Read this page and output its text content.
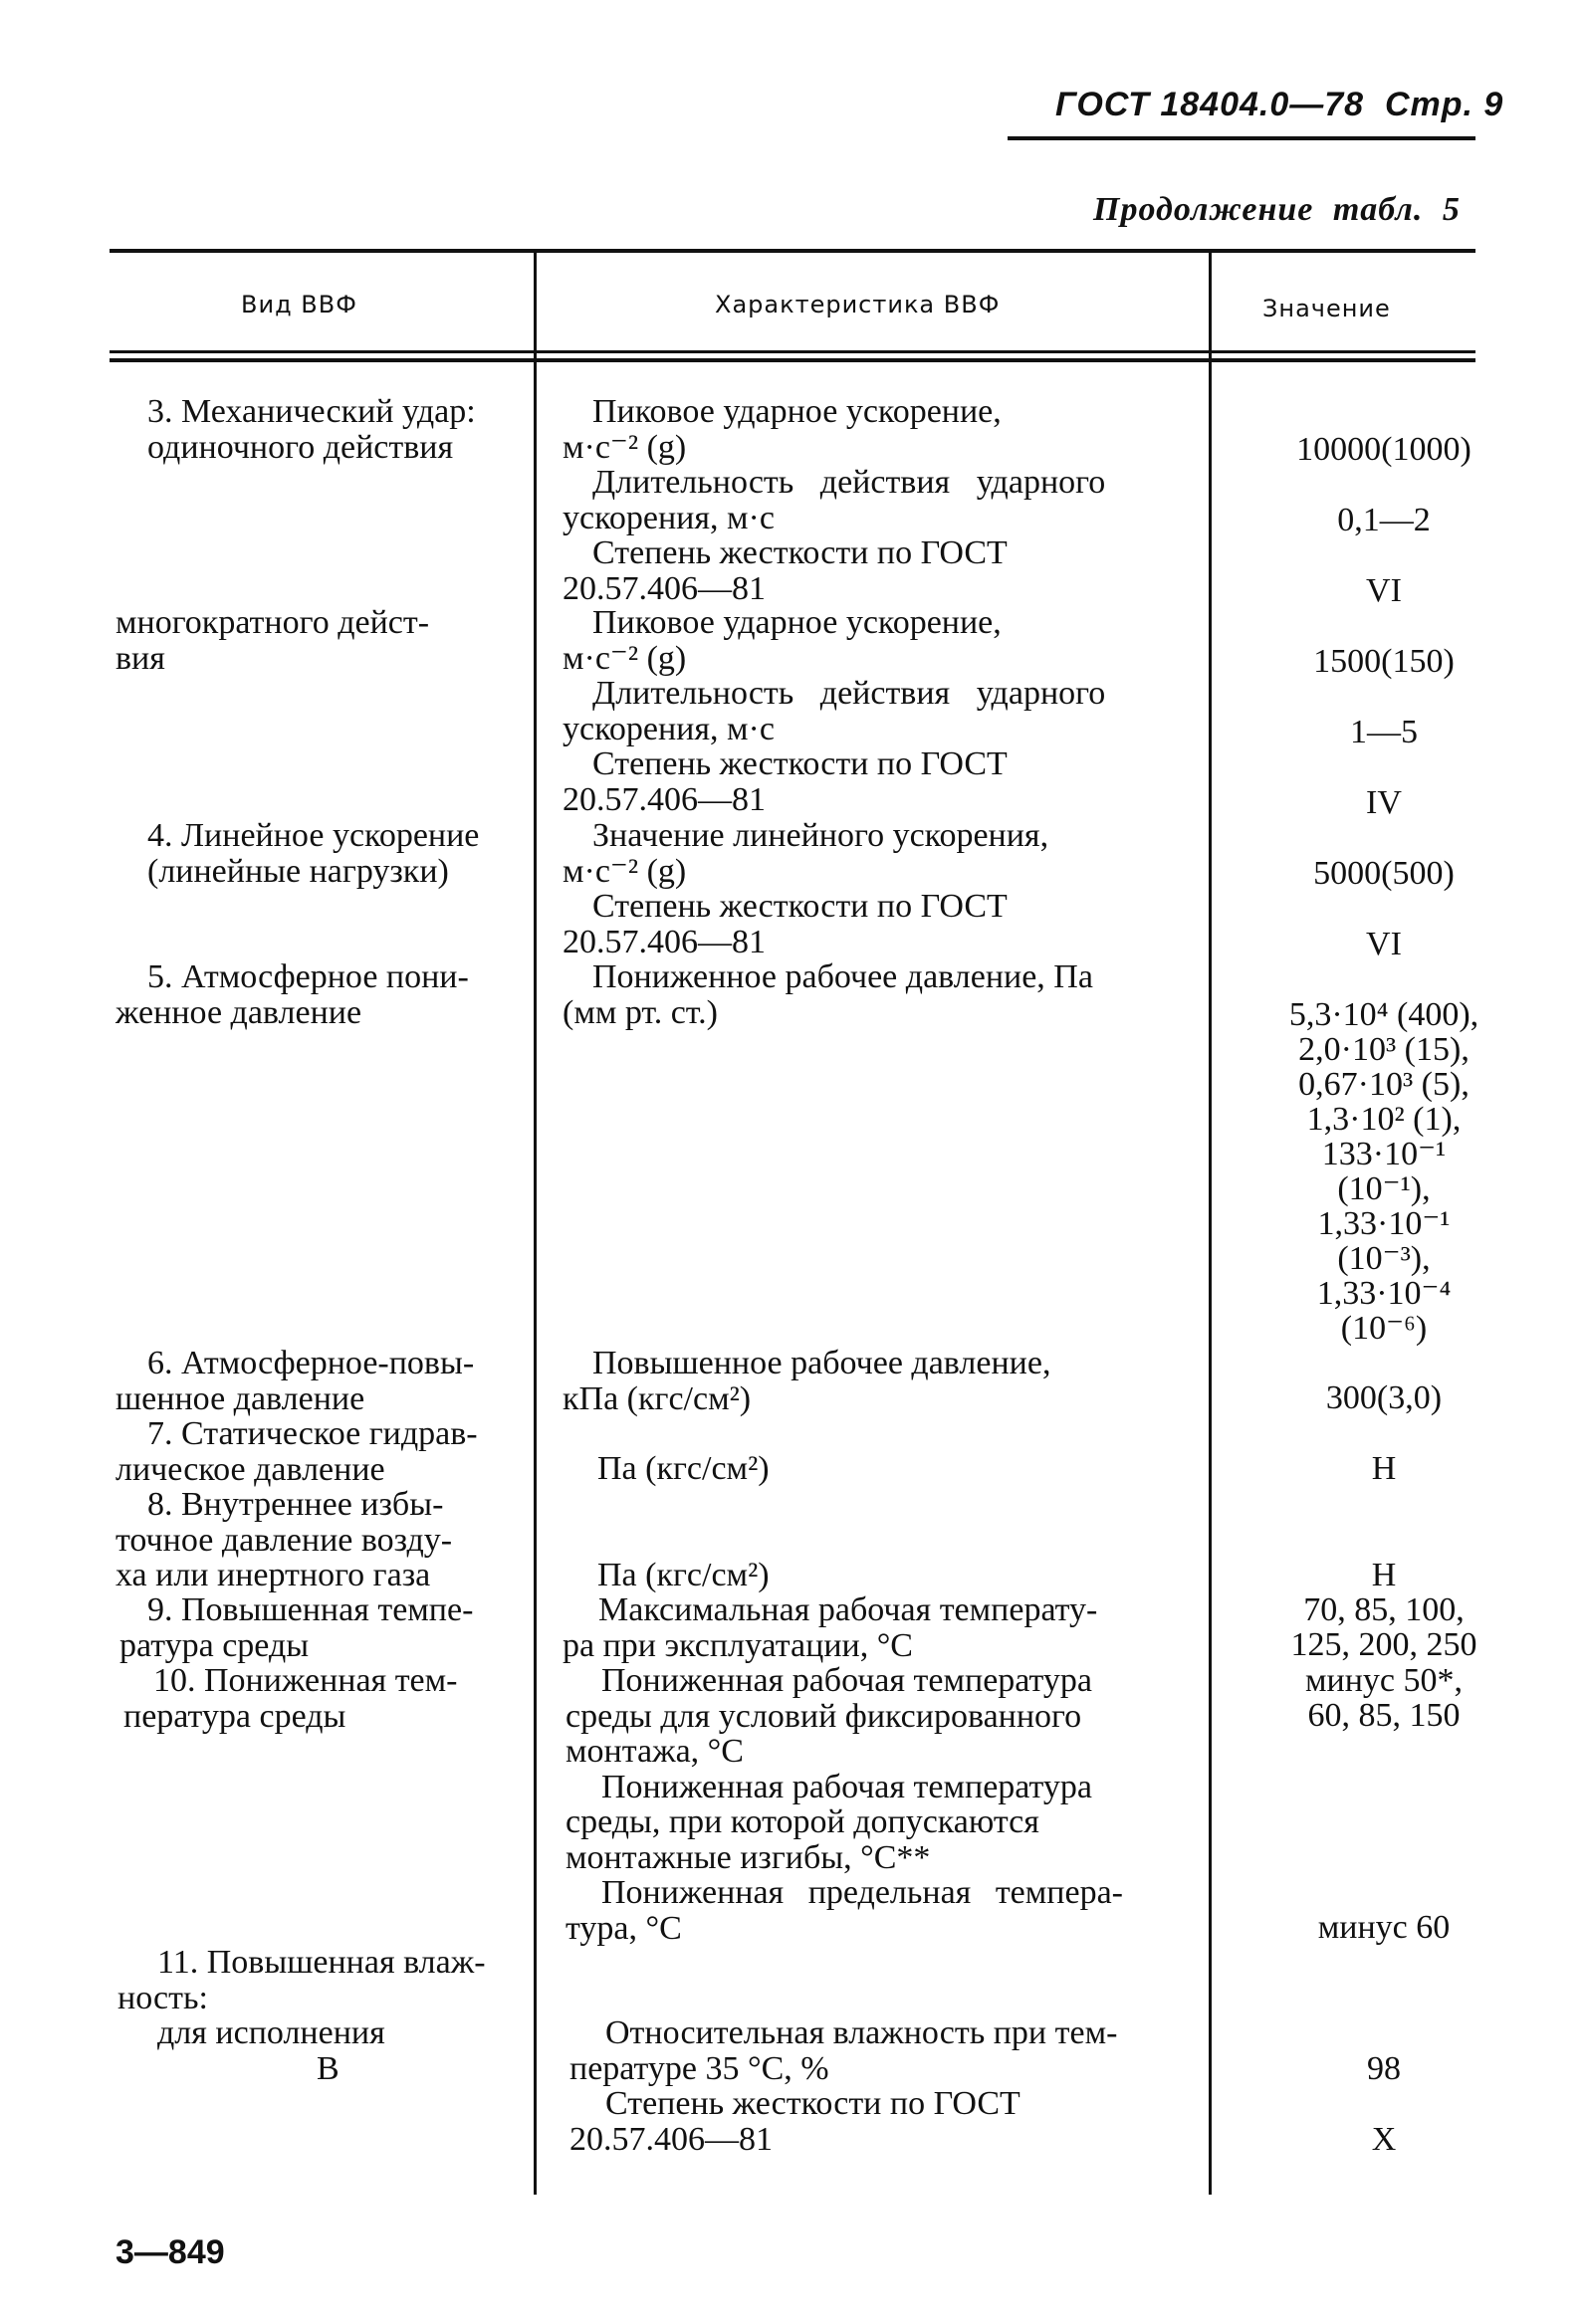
ГОСТ 18404.0—78 Стр. 9
Продолжение табл. 5
Вид ВВФ	Характеристика ВВФ	Значение
3. Механический удар:
одиночного действия
многократного дейст-
вия
4. Линейное ускорение
(линейные нагрузки)
5. Атмосферное пони-
женное давление
6. Атмосферное-повы-
шенное давление
7. Статическое гидрав-
лическое давление
8. Внутреннее избы-
точное давление возду-
ха или инертного газа
9. Повышенная темпе-
ратура среды
10. Пониженная тем-
пература среды
11. Повышенная влаж-
ность:
для исполнения
В
Пиковое ударное ускорение,
м·с⁻² (g)
Длительность действия ударного
ускорения, м·с
Степень жесткости по ГОСТ
20.57.406—81
Пиковое ударное ускорение,
м·с⁻² (g)
Длительность действия ударного
ускорения, м·с
Степень жесткости по ГОСТ
20.57.406—81
Значение линейного ускорения,
м·с⁻² (g)
Степень жесткости по ГОСТ
20.57.406—81
Пониженное рабочее давление, Па
(мм рт. ст.)
Повышенное рабочее давление,
кПа (кгс/см²)
Па (кгс/см²)
Па (кгс/см²)
Максимальная рабочая температу-
ра при эксплуатации, °С
Пониженная рабочая температура
среды для условий фиксированного
монтажа, °С
Пониженная рабочая температура
среды, при которой допускаются
монтажные изгибы, °С**
Пониженная предельная темпера-
тура, °С
Относительная влажность при тем-
пературе 35 °С, %
Степень жесткости по ГОСТ
20.57.406—81
10000(1000)
0,1—2
VI
1500(150)
1—5
IV
5000(500)
VI
5,3·10⁴ (400),
2,0·10³ (15),
0,67·10³ (5),
1,3·10² (1),
133·10⁻¹
(10⁻¹),
1,33·10⁻¹
(10⁻³),
1,33·10⁻⁴
(10⁻⁶)
300(3,0)
Н
Н
70, 85, 100,
125, 200, 250
минус 50*,
60, 85, 150
минус 60
98
X
3—849
